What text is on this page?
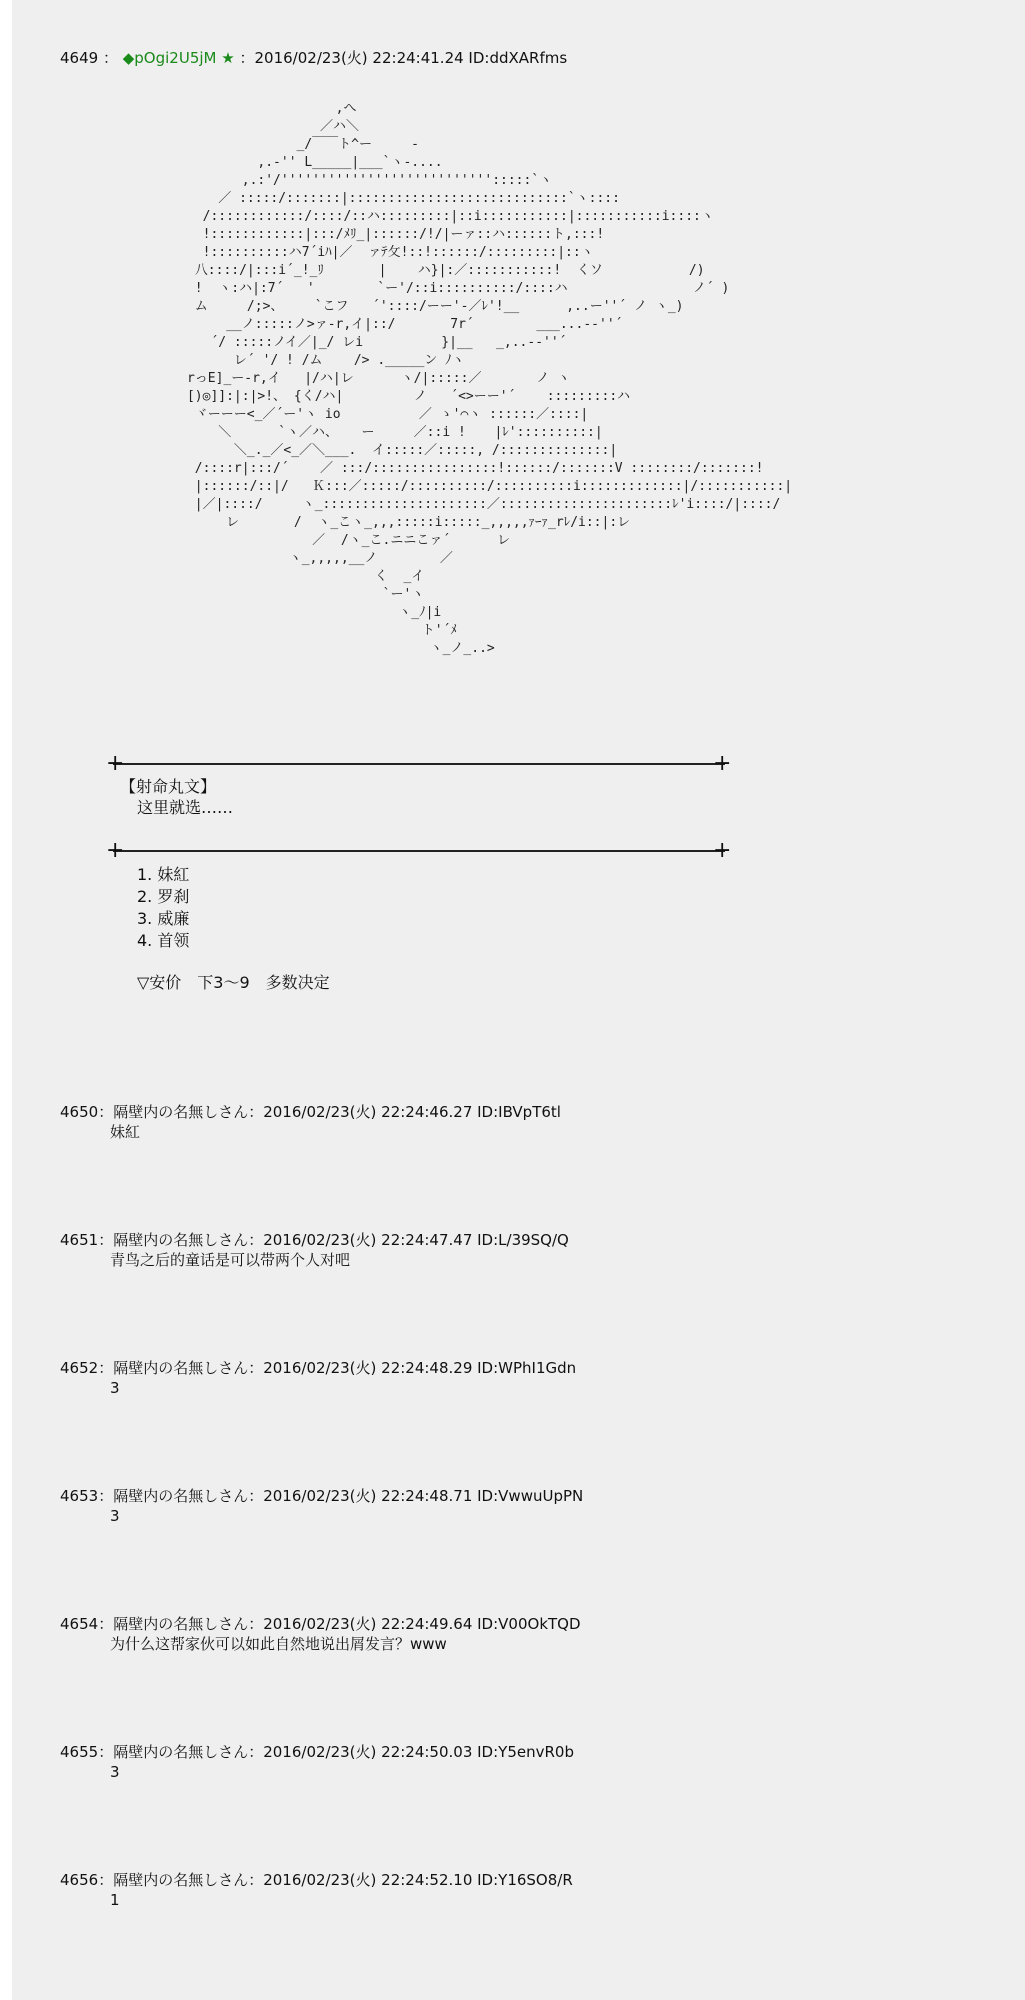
4649 ： ◆pOgi2U5jM ★ ：2016/02/23(火) 22:24:41.24 ID:ddXARfms
,へ
／ハ＼
_/￣￣ト^ー     -
,.-'' L_____|___`ヽ-....
,.:'/''''''''''''''''''''''''''':::::`ヽ
／ :::::/:::::::|::::::::::::::::::::::::::::`ヽ::::
/::::::::::::/::::/::ハ:::::::::|::i:::::::::::|:::::::::::i::::ヽ
!::::::::::::|:::/ﾒﾘ_|::::::/!/|ーァ::ハ::::::ト,:::!
!::::::::::ハ7´iﾊ|／  ァﾃ攵!::!::::::/:::::::::|::ヽ
八::::/|:::i´_!_ﾘ       |    ハ}|:／:::::::::::!  くソ
!  ヽ:ハ|:7´   '        `ー'/::i::::::::::/::::ハ
ム     /;>、    `こフ   ´'::::/ーー'-／ﾚ'!__      ,..ー''´
__ノ:::::ノ>ァ-r,イ|::/       7r´        ___...--''´
´/ :::::ノイ／|_/ レi          }|__   _,..--''´
レ´ '/ ! /ム    /> ._____ン ﾉヽ
rっE]_ー-r,イ   |/ハ|レ      ヽ/|:::::／       ノ ヽ
[)◎]]:|:|>!、 {く/ハ|         ノ   ´<>ーー'´    :::::::::ハ
ヾーーー<_／´ー'ヽ io          ／ ゝ'⌒ヽ ::::::／::::|
＼      `ヽ／ハ、   ー     ／::i ! 　 |ﾚ'::::::::::|
＼_._／<_／＼___.  イ:::::／:::::, /::::::::::::::|
/::::r|:::/´    ／ :::/::::::::::::::::!::::::/:::::::V
|::::::/::|/   Ｋ:::／:::::/::::::::::/::::::::::i:::::::::::::|/:::::::::::|
|／|::::/     ヽ_:::::::::::::::::::::／::::::::::::::::::::::ﾚ'i::::/|::::/
レ       /  ヽ_こヽ_,,,:::::i:::::_,,,,,ｧｰｧ_rﾚ/i::|:レ
／  /ヽ_こ.ニニこァ´      レ
ヽ_,,,,,__ノ        ／
く  _イ
`ー'ヽ
ヽ_ﾉ|i
ト'´ﾒ
ヽ_ノ_..>
+	+
【射命丸文】
这里就选……
+	+
1. 妹紅
2. 罗刹
3. 威廉
4. 首领
▽安价　下3～9　多数决定
4650：隔壁内の名無しさん：2016/02/23(火) 22:24:46.27 ID:IBVpT6tl
妹紅
4651：隔壁内の名無しさん：2016/02/23(火) 22:24:47.47 ID:L/39SQ/Q
青鸟之后的童话是可以带两个人对吧
4652：隔壁内の名無しさん：2016/02/23(火) 22:24:48.29 ID:WPhI1Gdn
3
4653：隔壁内の名無しさん：2016/02/23(火) 22:24:48.71 ID:VwwuUpPN
3
4654：隔壁内の名無しさん：2016/02/23(火) 22:24:49.64 ID:V00OkTQD
为什么这帮家伙可以如此自然地说出屑发言？www
4655：隔壁内の名無しさん：2016/02/23(火) 22:24:50.03 ID:Y5envR0b
3
4656：隔壁内の名無しさん：2016/02/23(火) 22:24:52.10 ID:Y16SO8/R
1
